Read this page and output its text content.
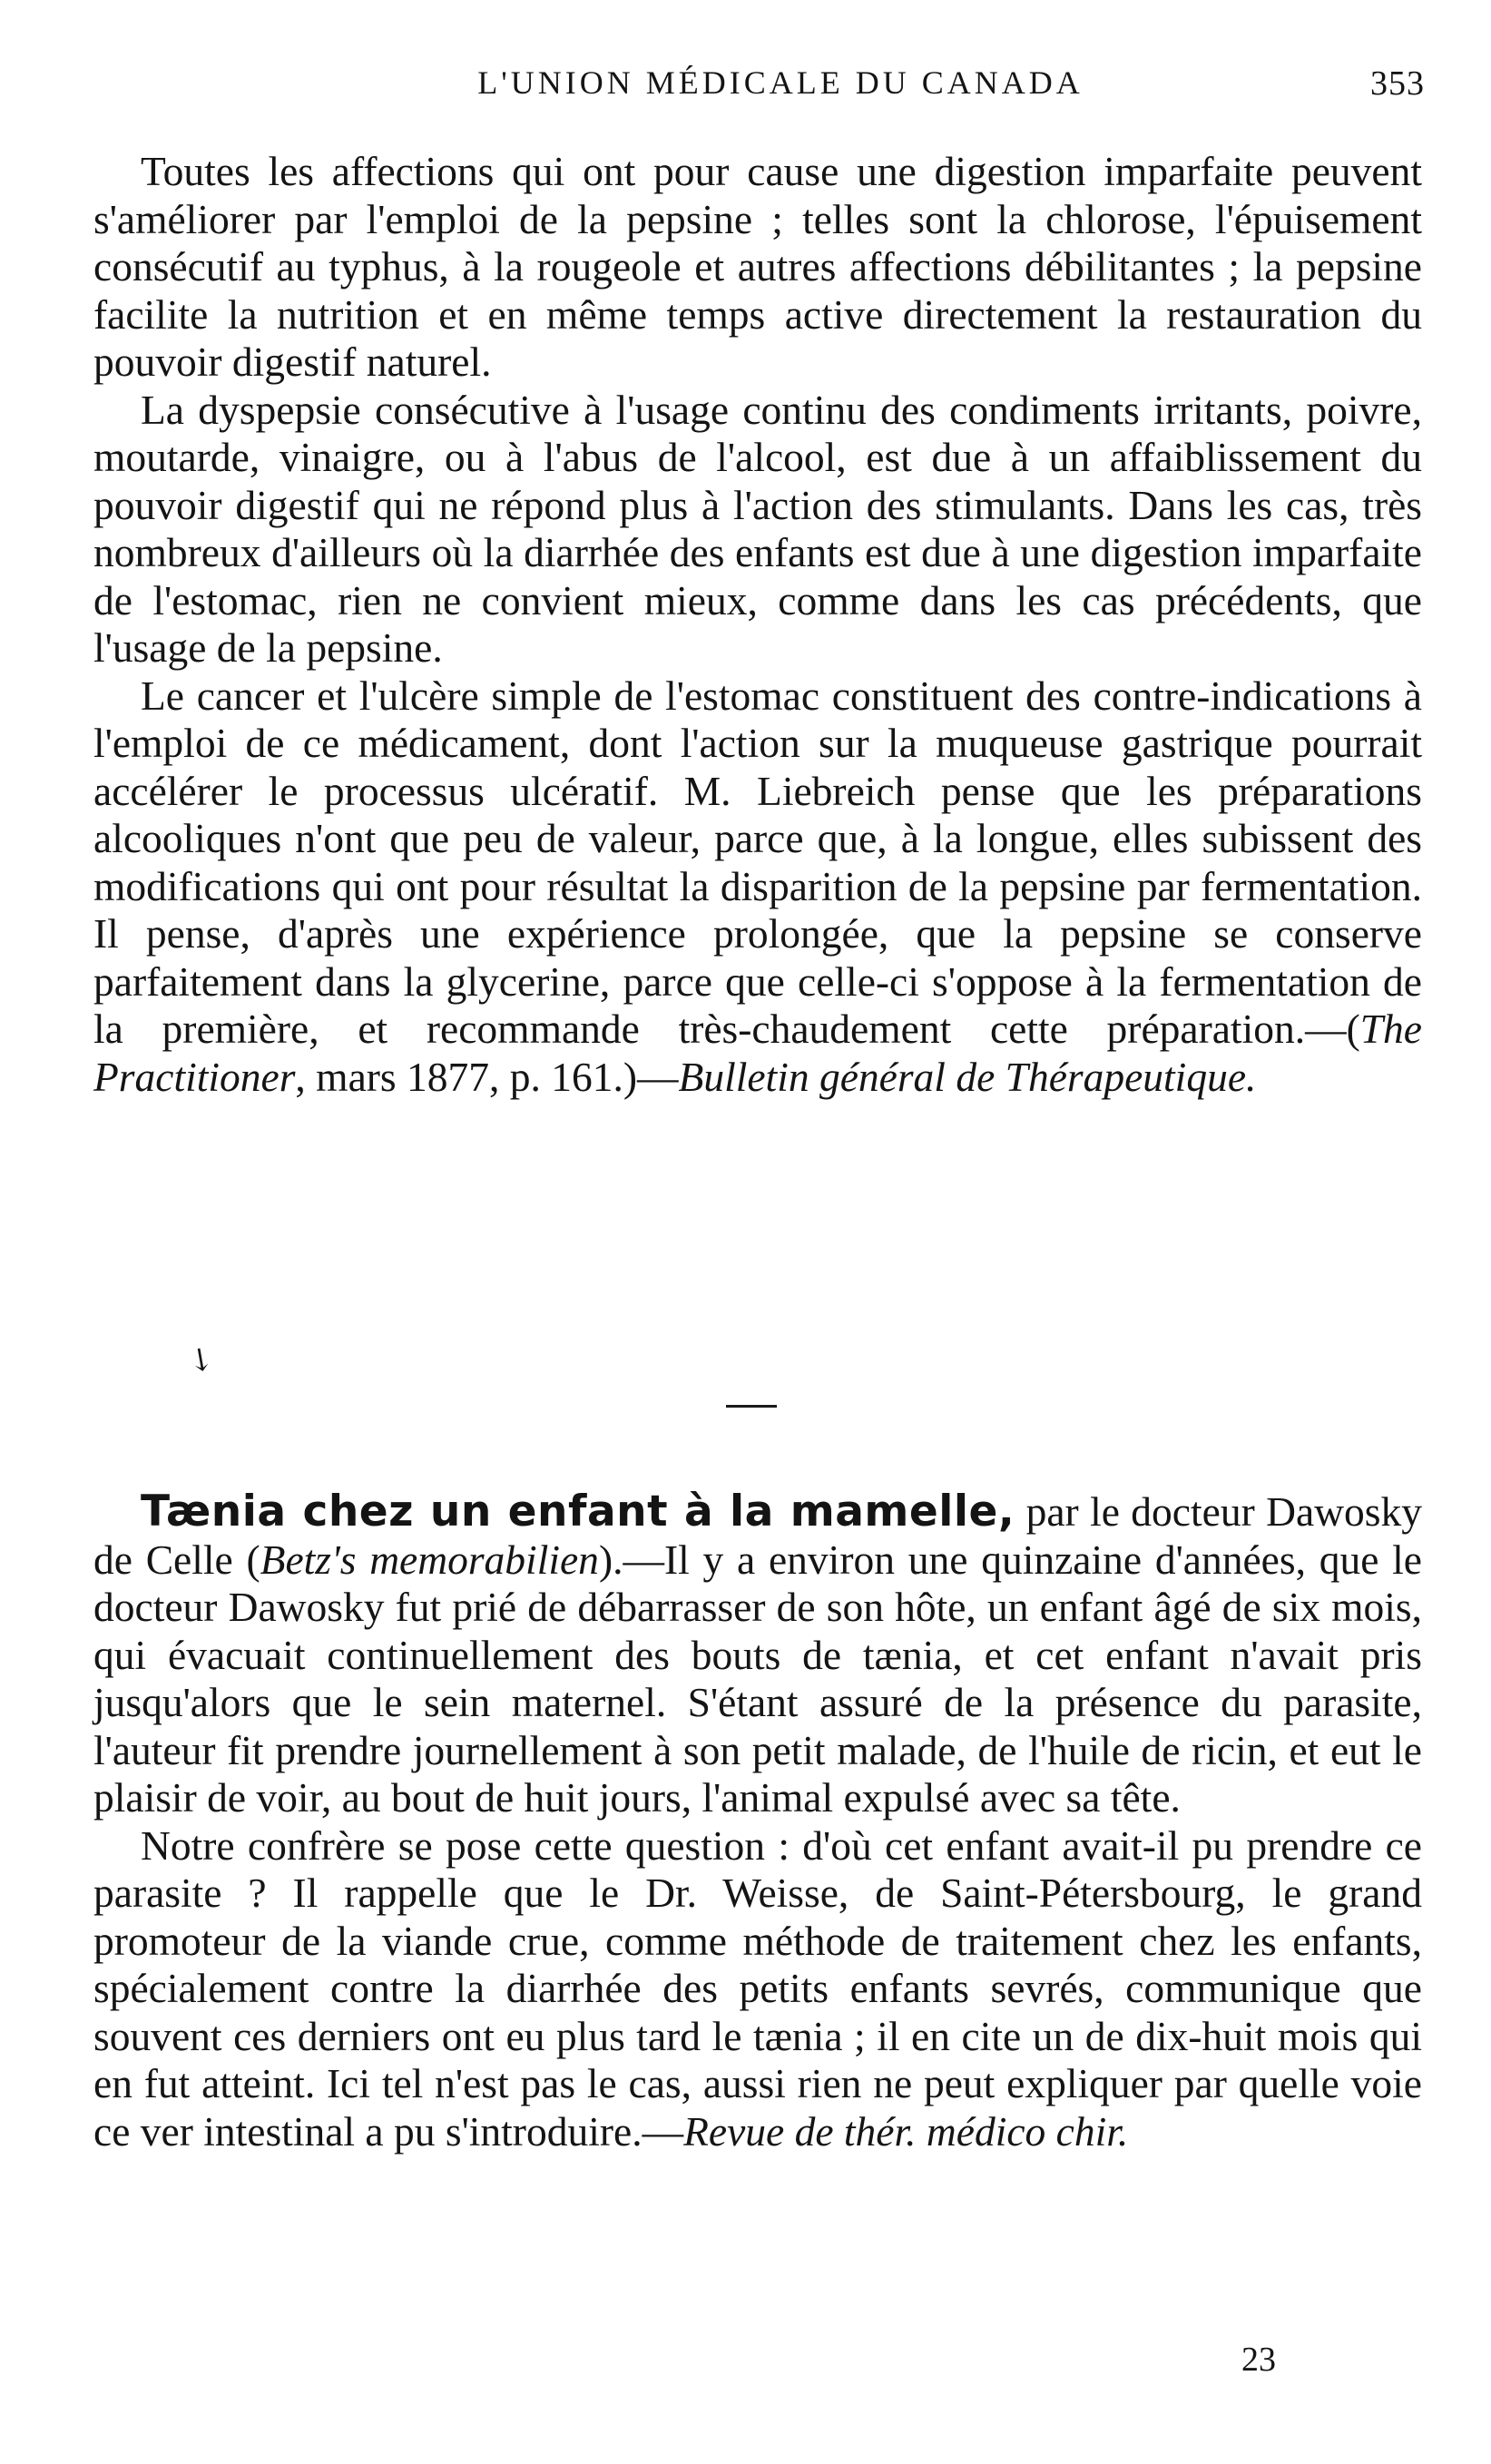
L'UNION MÉDICALE DU CANADA	353

Toutes les affections qui ont pour cause une digestion imparfaite peuvent s'améliorer par l'emploi de la pepsine ; telles sont la chlorose, l'épuisement consécutif au typhus, à la rougeole et autres affections débilitantes ; la pepsine facilite la nutrition et en même temps active directement la restauration du pouvoir digestif naturel.

La dyspepsie consécutive à l'usage continu des condiments irritants, poivre, moutarde, vinaigre, ou à l'abus de l'alcool, est due à un affaiblissement du pouvoir digestif qui ne répond plus à l'action des stimulants. Dans les cas, très nombreux d'ailleurs où la diarrhée des enfants est due à une digestion imparfaite de l'estomac, rien ne convient mieux, comme dans les cas précédents, que l'usage de la pepsine.

Le cancer et l'ulcère simple de l'estomac constituent des contre-indications à l'emploi de ce médicament, dont l'action sur la muqueuse gastrique pourrait accélérer le processus ulcératif. M. Liebreich pense que les préparations alcooliques n'ont que peu de valeur, parce que, à la longue, elles subissent des modifications qui ont pour résultat la disparition de la pepsine par fermentation. Il pense, d'après une expérience prolongée, que la pepsine se conserve parfaitement dans la glycerine, parce que celle-ci s'oppose à la fermentation de la première, et recommande très-chaudement cette préparation.—(The Practitioner, mars 1877, p. 161.)—Bulletin général de Thérapeutique.

↘

Tænia chez un enfant à la mamelle, par le docteur Dawosky de Celle (Betz's memorabilien).—Il y a environ une quinzaine d'années, que le docteur Dawosky fut prié de débarrasser de son hôte, un enfant âgé de six mois, qui évacuait continuellement des bouts de tænia, et cet enfant n'avait pris jusqu'alors que le sein maternel. S'étant assuré de la présence du parasite, l'auteur fit prendre journellement à son petit malade, de l'huile de ricin, et eut le plaisir de voir, au bout de huit jours, l'animal expulsé avec sa tête.

Notre confrère se pose cette question : d'où cet enfant avait-il pu prendre ce parasite ? Il rappelle que le Dr. Weisse, de Saint-Pétersbourg, le grand promoteur de la viande crue, comme méthode de traitement chez les enfants, spécialement contre la diarrhée des petits enfants sevrés, communique que souvent ces derniers ont eu plus tard le tænia ; il en cite un de dix-huit mois qui en fut atteint. Ici tel n'est pas le cas, aussi rien ne peut expliquer par quelle voie ce ver intestinal a pu s'introduire.—Revue de thér. médico chir.

23
